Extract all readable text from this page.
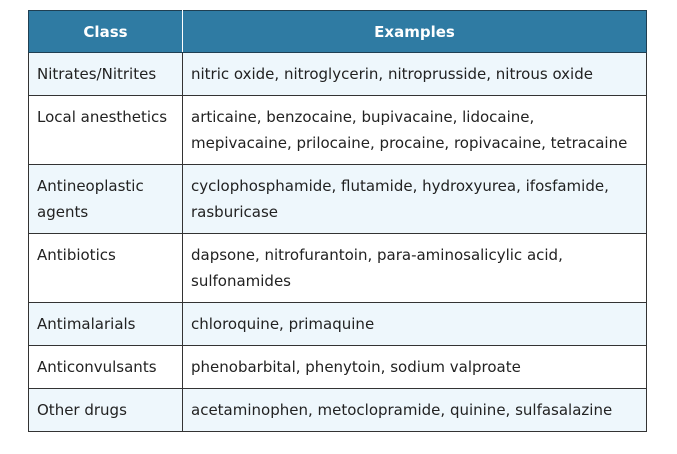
Class	Examples
Nitrates/Nitrites	nitric oxide, nitroglycerin, nitroprusside, nitrous oxide
Local anesthetics	articaine, benzocaine, bupivacaine, lidocaine, mepivacaine, prilocaine, procaine, ropivacaine, tetracaine
Antineoplastic agents	cyclophosphamide, flutamide, hydroxyurea, ifosfamide, rasburicase
Antibiotics	dapsone, nitrofurantoin, para-aminosalicylic acid, sulfonamides
Antimalarials	chloroquine, primaquine
Anticonvulsants	phenobarbital, phenytoin, sodium valproate
Other drugs	acetaminophen, metoclopramide, quinine, sulfasalazine
